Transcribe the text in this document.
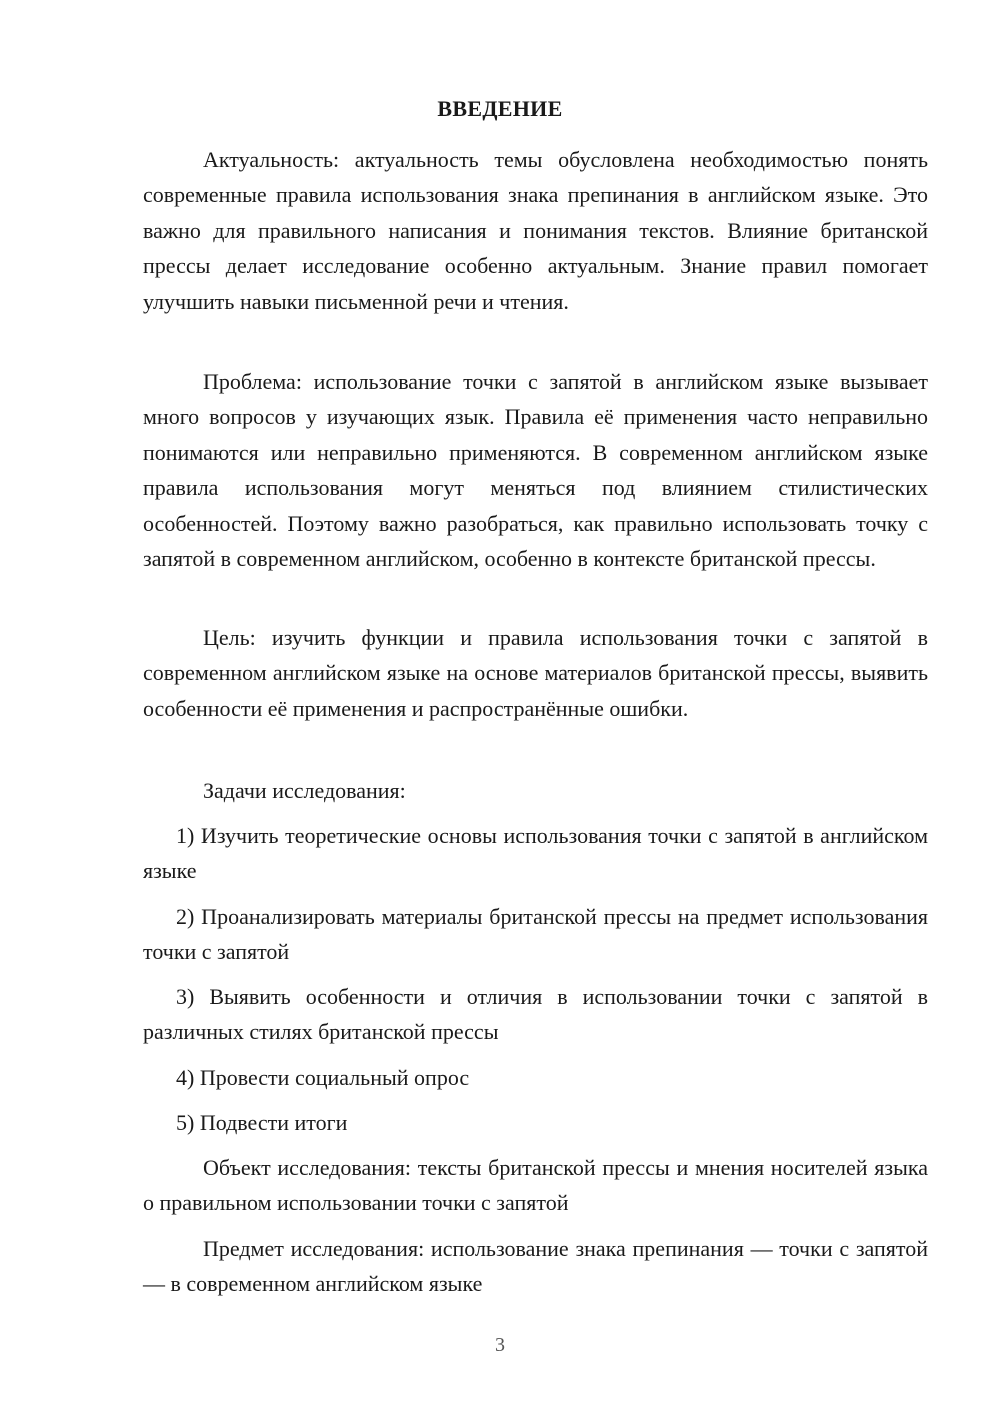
ВВЕДЕНИЕ

Актуальность: актуальность темы обусловлена необходимостью понять современные правила использования знака препинания в английском языке. Это важно для правильного написания и понимания текстов. Влияние британской прессы делает исследование особенно актуальным. Знание правил помогает улучшить навыки письменной речи и чтения.

Проблема: использование точки с запятой в английском языке вызывает много вопросов у изучающих язык. Правила её применения часто неправильно понимаются или неправильно применяются. В современном английском языке правила использования могут меняться под влиянием стилистических особенностей. Поэтому важно разобраться, как правильно использовать точку с запятой в современном английском, особенно в контексте британской прессы.

Цель: изучить функции и правила использования точки с запятой в современном английском языке на основе материалов британской прессы, выявить особенности её применения и распространённые ошибки.

Задачи исследования:

1) Изучить теоретические основы использования точки с запятой в английском языке

2) Проанализировать материалы британской прессы на предмет использования точки с запятой

3) Выявить особенности и отличия в использовании точки с запятой в различных стилях британской прессы

4) Провести социальный опрос

5) Подвести итоги

Объект исследования: тексты британской прессы и мнения носителей языка о правильном использовании точки с запятой

Предмет исследования: использование знака препинания — точки с запятой — в современном английском языке

3
